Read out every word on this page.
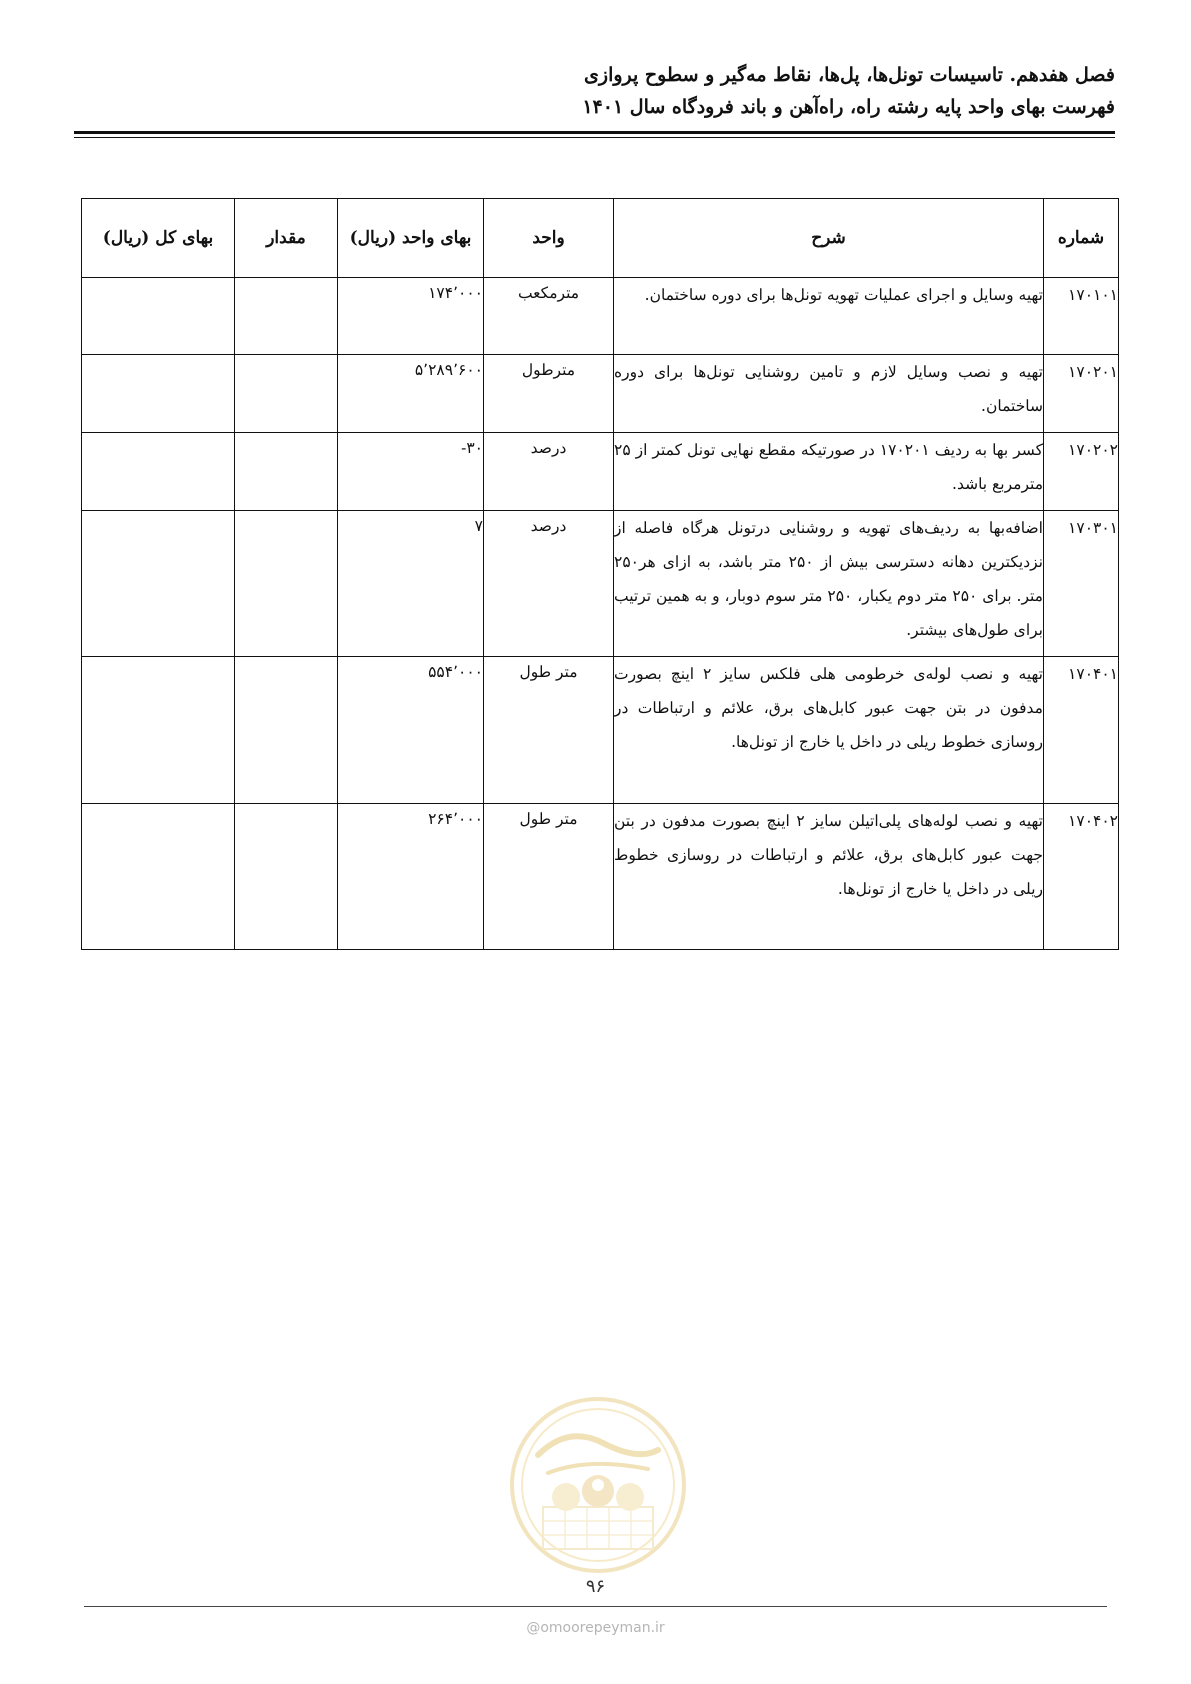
فصل هفدهم. تاسیسات تونل‌ها، پل‌ها، نقاط مه‌گیر و سطوح پروازی
فهرست بهای واحد پایه رشته راه، راه‌آهن و باند فرودگاه سال ۱۴۰۱
شماره	شرح	واحد	بهای واحد (ریال)	مقدار	بهای کل (ریال)
۱۷۰۱۰۱	تهیه وسایل و اجرای عملیات تهویه تونل‌ها برای دوره ساختمان.	مترمکعب	۱۷۴٬۰۰۰		
۱۷۰۲۰۱	تهیه و نصب وسایل لازم و تامین روشنایی تونل‌ها برای دوره ساختمان.	مترطول	۵٬۲۸۹٬۶۰۰		
۱۷۰۲۰۲	کسر بها به ردیف ۱۷۰۲۰۱ در صورتیکه مقطع نهایی تونل کمتر از ۲۵ مترمربع باشد.	درصد	-۳۰		
۱۷۰۳۰۱	اضافه‌بها به ردیف‌های تهویه و روشنایی درتونل هرگاه فاصله از نزدیکترین دهانه دسترسی بیش از ۲۵۰ متر باشد، به ازای هر۲۵۰ متر. برای ۲۵۰ متر دوم یکبار، ۲۵۰ متر سوم دوبار، و به همین ترتیب برای طول‌های بیشتر.	درصد	۷		
۱۷۰۴۰۱	تهیه و نصب لوله‌ی خرطومی هلی فلکس سایز ۲ اینچ بصورت مدفون در بتن جهت عبور کابل‌های برق، علائم و ارتباطات در روسازی خطوط ریلی در داخل یا خارج از تونل‌ها.	متر طول	۵۵۴٬۰۰۰		
۱۷۰۴۰۲	تهیه و نصب لوله‌های پلی‌اتیلن سایز ۲ اینچ بصورت مدفون در بتن جهت عبور کابل‌های برق، علائم و ارتباطات در روسازی خطوط ریلی در داخل یا خارج از تونل‌ها.	متر طول	۲۶۴٬۰۰۰		
۹۶
@omoorepeyman.ir
